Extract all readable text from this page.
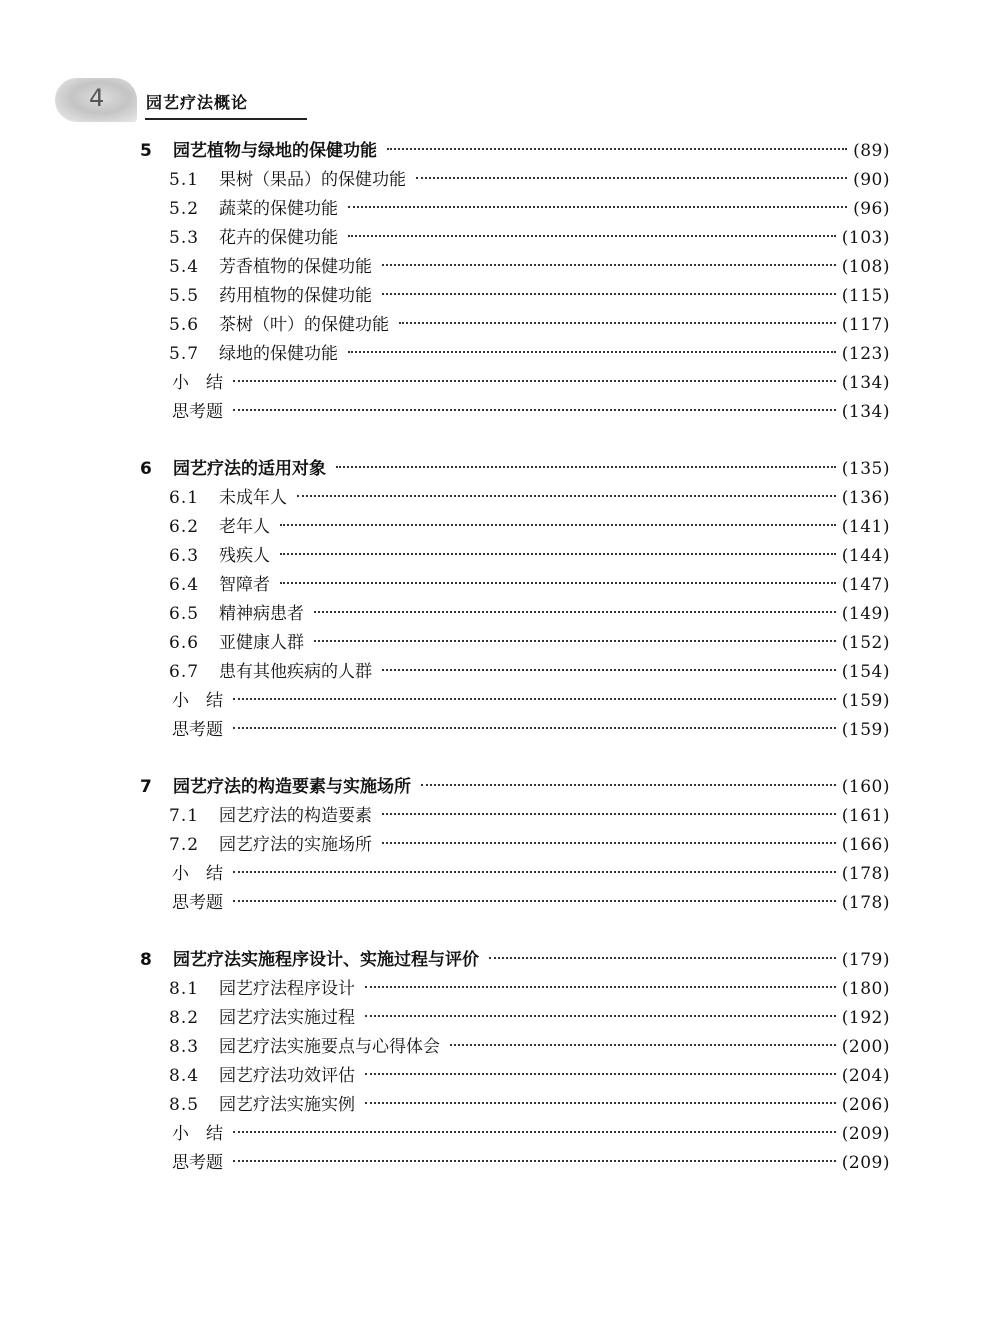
4	园艺疗法概论
5 园艺植物与绿地的保健功能	(89)
5.1 果树（果品）的保健功能	(90)
5.2 蔬菜的保健功能	(96)
5.3 花卉的保健功能	(103)
5.4 芳香植物的保健功能	(108)
5.5 药用植物的保健功能	(115)
5.6 茶树（叶）的保健功能	(117)
5.7 绿地的保健功能	(123)
小　结	(134)
思考题	(134)
6 园艺疗法的适用对象	(135)
6.1 未成年人	(136)
6.2 老年人	(141)
6.3 残疾人	(144)
6.4 智障者	(147)
6.5 精神病患者	(149)
6.6 亚健康人群	(152)
6.7 患有其他疾病的人群	(154)
小　结	(159)
思考题	(159)
7 园艺疗法的构造要素与实施场所	(160)
7.1 园艺疗法的构造要素	(161)
7.2 园艺疗法的实施场所	(166)
小　结	(178)
思考题	(178)
8 园艺疗法实施程序设计、实施过程与评价	(179)
8.1 园艺疗法程序设计	(180)
8.2 园艺疗法实施过程	(192)
8.3 园艺疗法实施要点与心得体会	(200)
8.4 园艺疗法功效评估	(204)
8.5 园艺疗法实施实例	(206)
小　结	(209)
思考题	(209)
